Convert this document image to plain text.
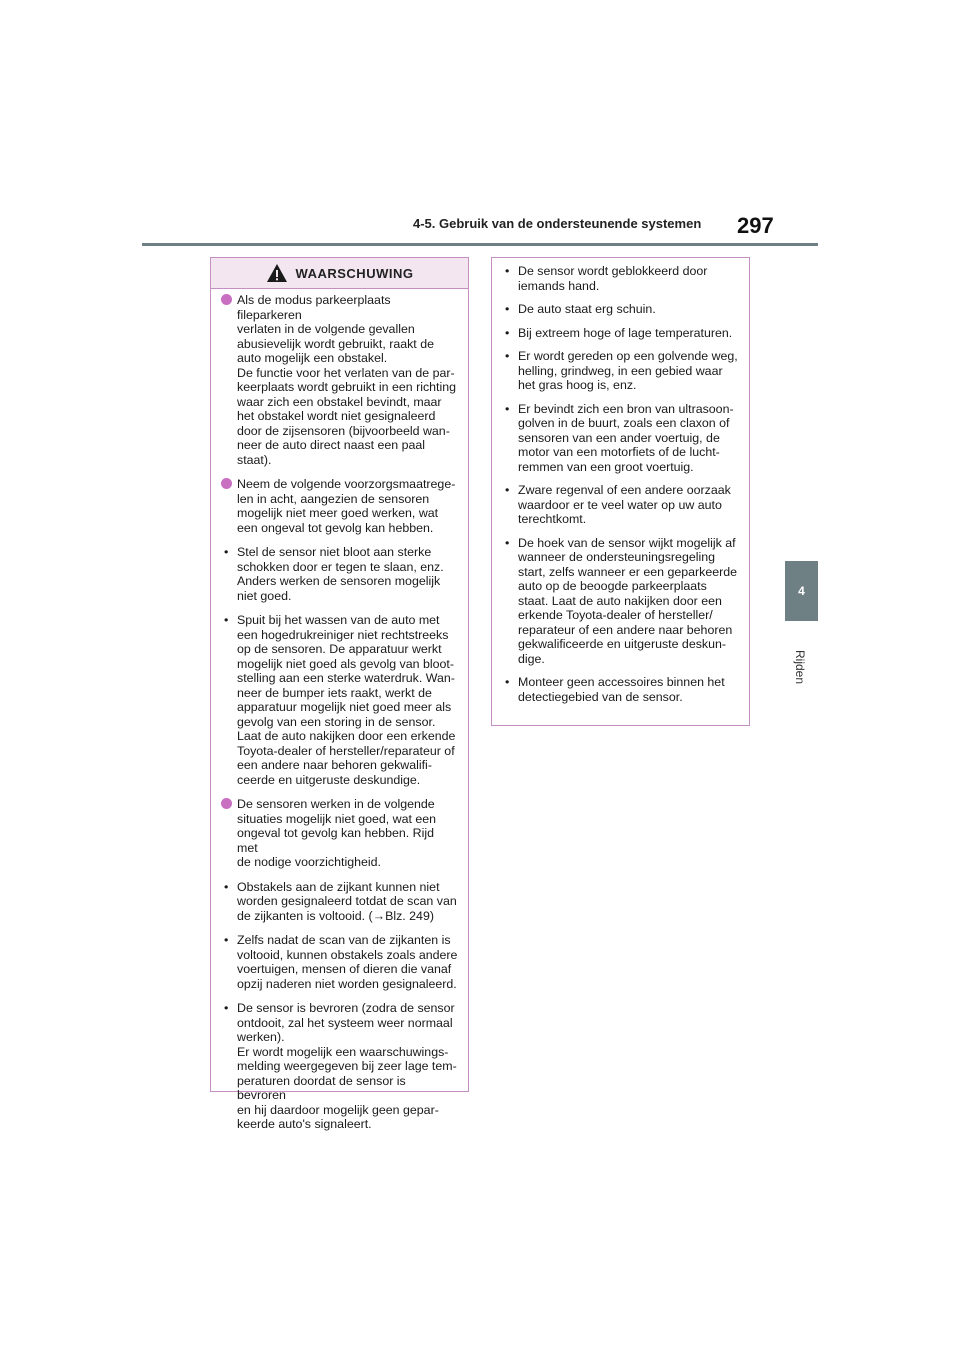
4-5. Gebruik van de ondersteunende systemen 297
4
Rijden
WAARSCHUWING
Als de modus parkeerplaats fileparkeren
verlaten in de volgende gevallen
abusievelijk wordt gebruikt, raakt de
auto mogelijk een obstakel.
De functie voor het verlaten van de par-
keerplaats wordt gebruikt in een richting
waar zich een obstakel bevindt, maar
het obstakel wordt niet gesignaleerd
door de zijsensoren (bijvoorbeeld wan-
neer de auto direct naast een paal
staat).
Neem de volgende voorzorgsmaatrege-
len in acht, aangezien de sensoren
mogelijk niet meer goed werken, wat
een ongeval tot gevolg kan hebben.
• Stel de sensor niet bloot aan sterke
schokken door er tegen te slaan, enz.
Anders werken de sensoren mogelijk
niet goed.
• Spuit bij het wassen van de auto met
een hogedrukreiniger niet rechtstreeks
op de sensoren. De apparatuur werkt
mogelijk niet goed als gevolg van bloot-
stelling aan een sterke waterdruk. Wan-
neer de bumper iets raakt, werkt de
apparatuur mogelijk niet goed meer als
gevolg van een storing in de sensor.
Laat de auto nakijken door een erkende
Toyota-dealer of hersteller/reparateur of
een andere naar behoren gekwalifi-
ceerde en uitgeruste deskundige.
De sensoren werken in de volgende
situaties mogelijk niet goed, wat een
ongeval tot gevolg kan hebben. Rijd met
de nodige voorzichtigheid.
• Obstakels aan de zijkant kunnen niet
worden gesignaleerd totdat de scan van
de zijkanten is voltooid. (→Blz. 249)
• Zelfs nadat de scan van de zijkanten is
voltooid, kunnen obstakels zoals andere
voertuigen, mensen of dieren die vanaf
opzij naderen niet worden gesignaleerd.
• De sensor is bevroren (zodra de sensor
ontdooit, zal het systeem weer normaal
werken).
Er wordt mogelijk een waarschuwings-
melding weergegeven bij zeer lage tem-
peraturen doordat de sensor is bevroren
en hij daardoor mogelijk geen gepar-
keerde auto's signaleert.
• De sensor wordt geblokkeerd door
iemands hand.
• De auto staat erg schuin.
• Bij extreem hoge of lage temperaturen.
• Er wordt gereden op een golvende weg,
helling, grindweg, in een gebied waar
het gras hoog is, enz.
• Er bevindt zich een bron van ultrasoon-
golven in de buurt, zoals een claxon of
sensoren van een ander voertuig, de
motor van een motorfiets of de lucht-
remmen van een groot voertuig.
• Zware regenval of een andere oorzaak
waardoor er te veel water op uw auto
terechtkomt.
• De hoek van de sensor wijkt mogelijk af
wanneer de ondersteuningsregeling
start, zelfs wanneer er een geparkeerde
auto op de beoogde parkeerplaats
staat. Laat de auto nakijken door een
erkende Toyota-dealer of hersteller/
reparateur of een andere naar behoren
gekwalificeerde en uitgeruste deskun-
dige.
• Monteer geen accessoires binnen het
detectiegebied van de sensor.
